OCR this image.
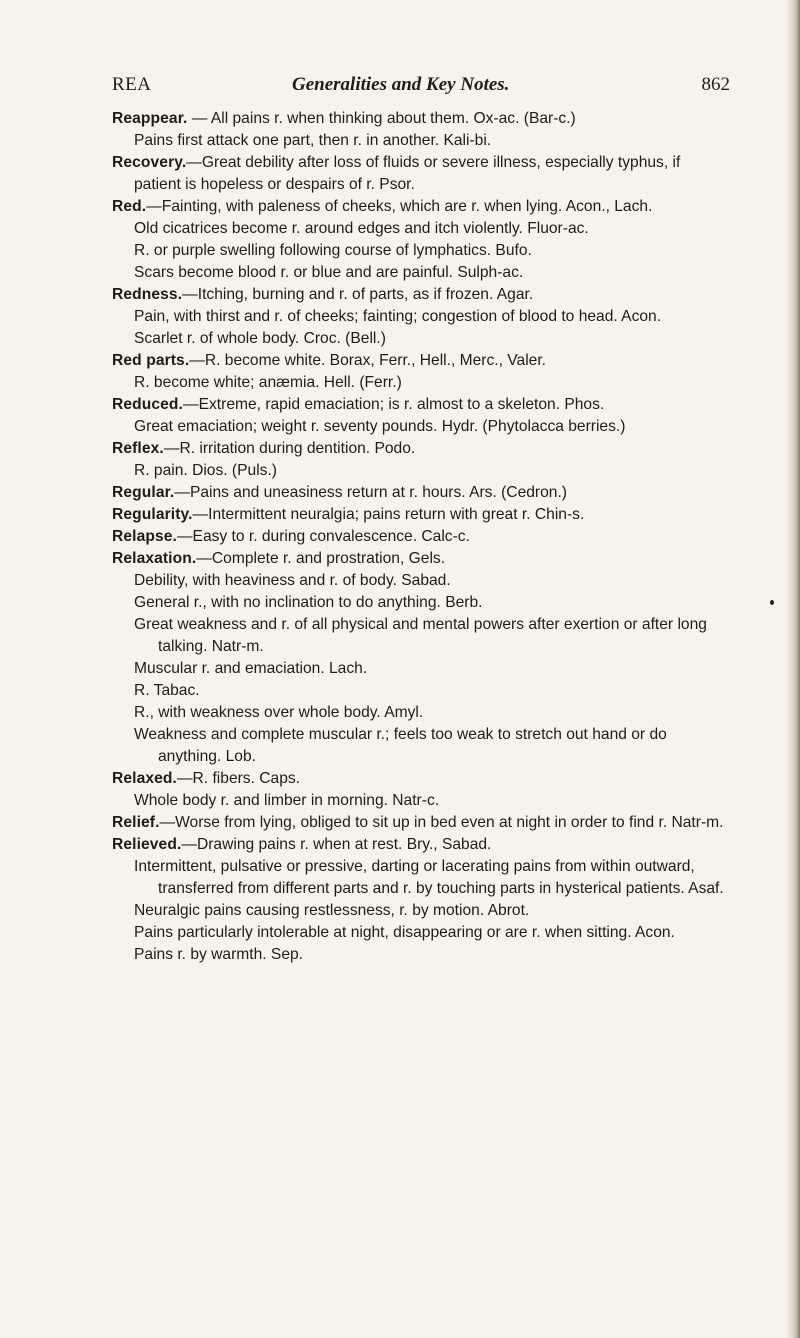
REA	Generalities and Key Notes.	862

Reappear. — All pains r. when thinking about them. Ox-ac. (Bar-c.)

Pains first attack one part, then r. in another. Kali-bi.

Recovery.—Great debility after loss of fluids or severe illness, especially typhus, if patient is hopeless or despairs of r. Psor.

Red.—Fainting, with paleness of cheeks, which are r. when lying. Acon., Lach.

Old cicatrices become r. around edges and itch violently. Fluor-ac.

R. or purple swelling following course of lymphatics. Bufo.

Scars become blood r. or blue and are painful. Sulph-ac.

Redness.—Itching, burning and r. of parts, as if frozen. Agar.

Pain, with thirst and r. of cheeks; fainting; congestion of blood to head. Acon.

Scarlet r. of whole body. Croc. (Bell.)

Red parts.—R. become white. Borax, Ferr., Hell., Merc., Valer.

R. become white; anæmia. Hell. (Ferr.)

Reduced.—Extreme, rapid emaciation; is r. almost to a skeleton. Phos.

Great emaciation; weight r. seventy pounds. Hydr. (Phytolacca berries.)

Reflex.—R. irritation during dentition. Podo.

R. pain. Dios. (Puls.)

Regular.—Pains and uneasiness return at r. hours. Ars. (Cedron.)

Regularity.—Intermittent neuralgia; pains return with great r. Chin-s.

Relapse.—Easy to r. during convalescence. Calc-c.

Relaxation.—Complete r. and prostration, Gels.

Debility, with heaviness and r. of body. Sabad.

General r., with no inclination to do anything. Berb.

Great weakness and r. of all physical and mental powers after exertion or after long talking. Natr-m.

Muscular r. and emaciation. Lach.

R. Tabac.

R., with weakness over whole body. Amyl.

Weakness and complete muscular r.; feels too weak to stretch out hand or do anything. Lob.

Relaxed.—R. fibers. Caps.

Whole body r. and limber in morning. Natr-c.

Relief.—Worse from lying, obliged to sit up in bed even at night in order to find r. Natr-m.

Relieved.—Drawing pains r. when at rest. Bry., Sabad.

Intermittent, pulsative or pressive, darting or lacerating pains from within outward, transferred from different parts and r. by touching parts in hysterical patients. Asaf.

Neuralgic pains causing restlessness, r. by motion. Abrot.

Pains particularly intolerable at night, disappearing or are r. when sitting. Acon.

Pains r. by warmth. Sep.
